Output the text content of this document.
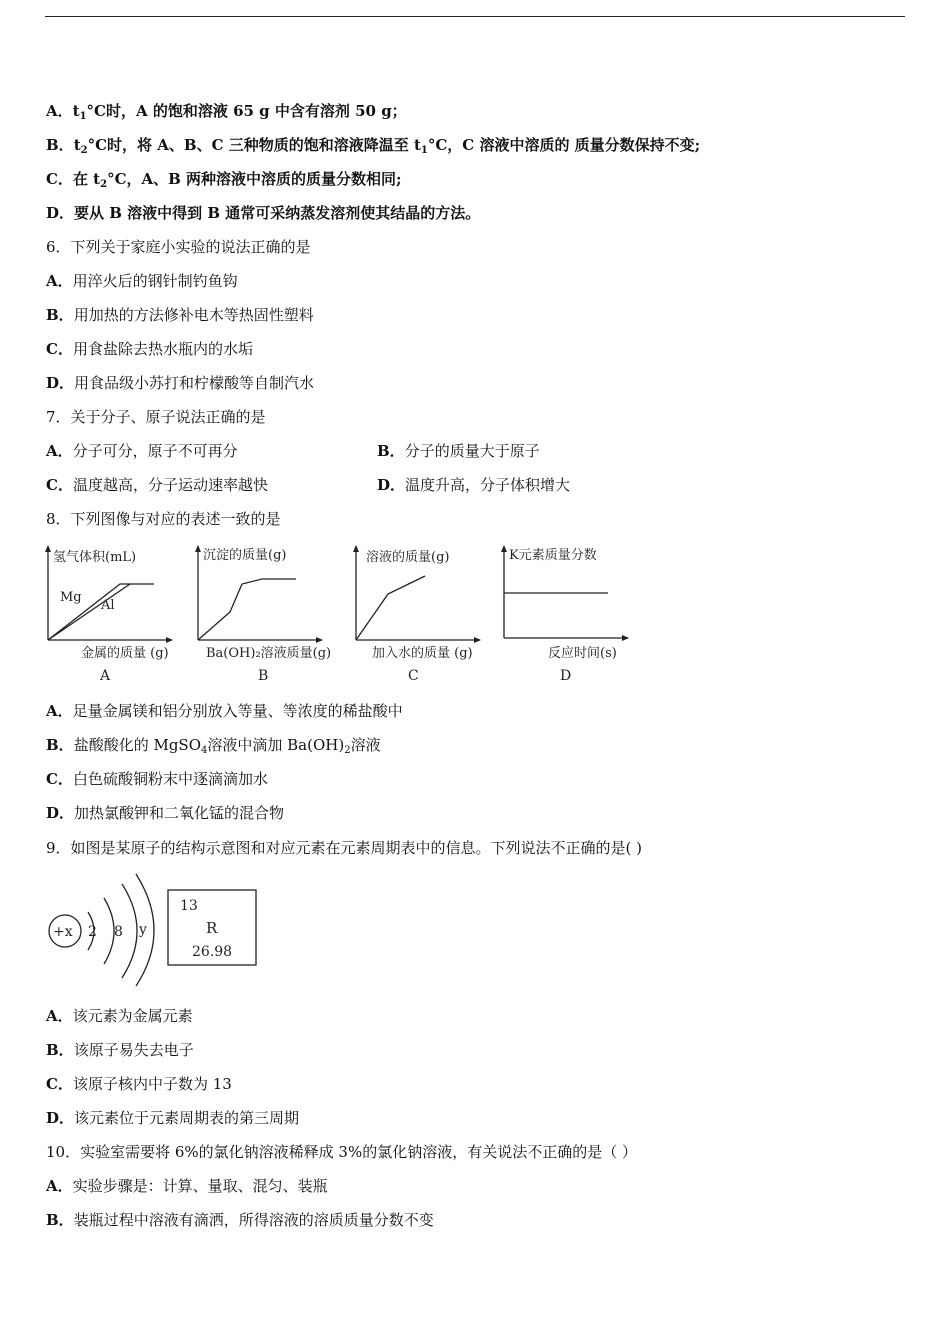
A．$t_1^\circ C$时，A 的饱和溶液 65 g 中含有溶剂 50 g；
B．$t_2^\circ C$时，将 A、B、C 三种物质的饱和溶液降温至 $t_1^\circ C$，C 溶液中溶质的 质量分数保持不变;
C．在 $t_2^\circ C$，A、B 两种溶液中溶质的质量分数相同;
D．要从 B 溶液中得到 B 通常可采纳蒸发溶剂使其结晶的方法。
6．下列关于家庭小实验的说法正确的是
A．用淬火后的钢针制钓鱼钩
B．用加热的方法修补电木等热固性塑料
C．用食盐除去热水瓶内的水垢
D．用食品级小苏打和柠檬酸等自制汽水
7．关于分子、原子说法正确的是
A．分子可分，原子不可再分	B．分子的质量大于原子
C．温度越高，分子运动速率越快	D．温度升高，分子体积增大
8．下列图像与对应的表述一致的是
氢气体积(mL)
Mg
Al
金属的质量 (g)
A
沉淀的质量(g)
Ba(OH)₂溶液质量(g)
B
溶液的质量(g)
加入水的质量 (g)
C
K元素质量分数
反应时间(s)
D
A．足量金属镁和铝分别放入等量、等浓度的稀盐酸中
B．盐酸酸化的 MgSO$_4$溶液中滴加 $Ba(OH)_2$溶液
C．白色硫酸铜粉末中逐滴滴加水
D．加热氯酸钾和二氧化锰的混合物
9．如图是某原子的结构示意图和对应元素在元素周期表中的信息。下列说法不正确的是( )
+x 2 8 y
13
R
26.98
A．该元素为金属元素
B．该原子易失去电子
C．该原子核内中子数为 13
D．该元素位于元素周期表的第三周期
10．实验室需要将 6%的氯化钠溶液稀释成 3%的氯化钠溶液，有关说法不正确的是（ ）
A．实验步骤是：计算、量取、混匀、装瓶
B．装瓶过程中溶液有滴洒，所得溶液的溶质质量分数不变
